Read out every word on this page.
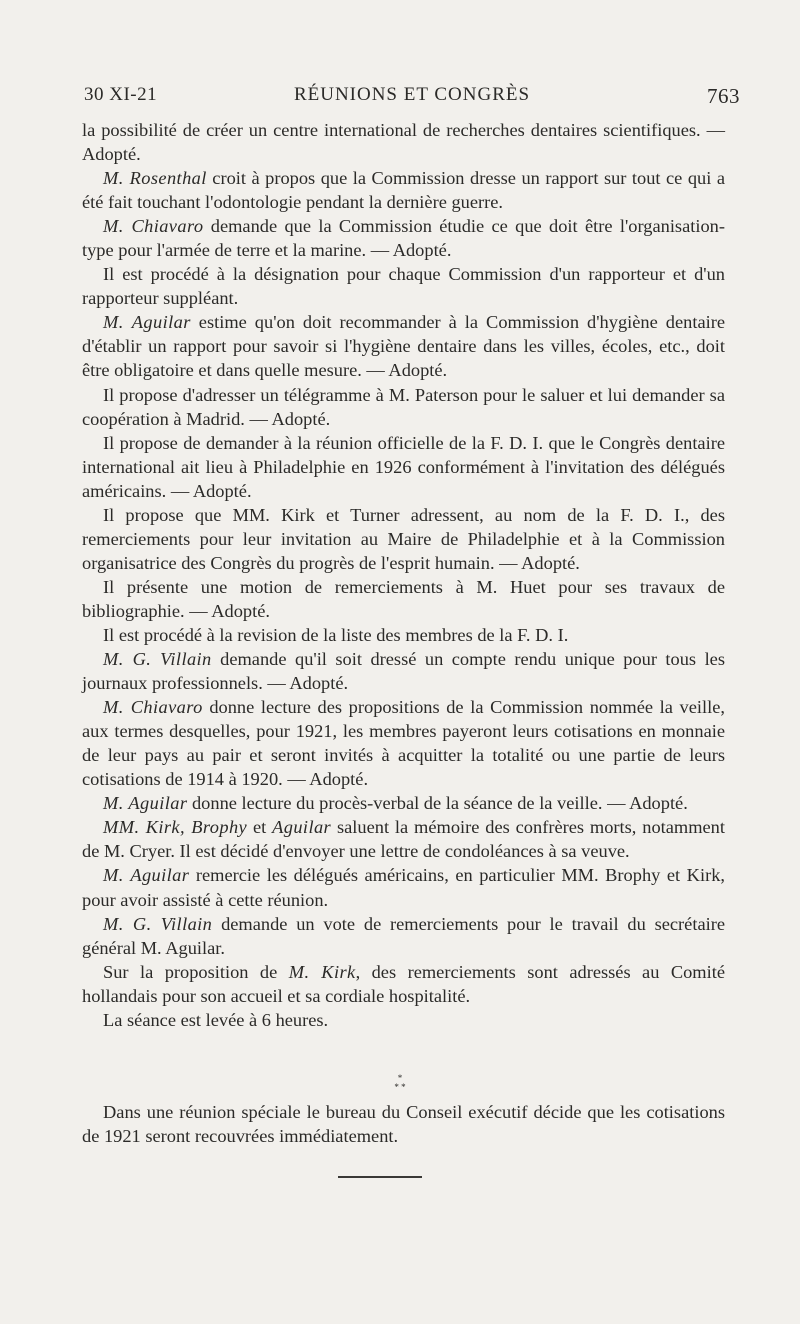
30 XI-21	RÉUNIONS ET CONGRÈS	763

la possibilité de créer un centre international de recherches dentaires scientifiques. — Adopté.

M. Rosenthal croit à propos que la Commission dresse un rapport sur tout ce qui a été fait touchant l'odontologie pendant la dernière guerre.

M. Chiavaro demande que la Commission étudie ce que doit être l'organisation-type pour l'armée de terre et la marine. — Adopté.

Il est procédé à la désignation pour chaque Commission d'un rapporteur et d'un rapporteur suppléant.

M. Aguilar estime qu'on doit recommander à la Commission d'hygiène dentaire d'établir un rapport pour savoir si l'hygiène dentaire dans les villes, écoles, etc., doit être obligatoire et dans quelle mesure. — Adopté.

Il propose d'adresser un télégramme à M. Paterson pour le saluer et lui demander sa coopération à Madrid. — Adopté.

Il propose de demander à la réunion officielle de la F. D. I. que le Congrès dentaire international ait lieu à Philadelphie en 1926 conformément à l'invitation des délégués américains. — Adopté.

Il propose que MM. Kirk et Turner adressent, au nom de la F. D. I., des remerciements pour leur invitation au Maire de Philadelphie et à la Commission organisatrice des Congrès du progrès de l'esprit humain. — Adopté.

Il présente une motion de remerciements à M. Huet pour ses travaux de bibliographie. — Adopté.

Il est procédé à la revision de la liste des membres de la F. D. I.

M. G. Villain demande qu'il soit dressé un compte rendu unique pour tous les journaux professionnels. — Adopté.

M. Chiavaro donne lecture des propositions de la Commission nommée la veille, aux termes desquelles, pour 1921, les membres payeront leurs cotisations en monnaie de leur pays au pair et seront invités à acquitter la totalité ou une partie de leurs cotisations de 1914 à 1920. — Adopté.

M. Aguilar donne lecture du procès-verbal de la séance de la veille. — Adopté.

MM. Kirk, Brophy et Aguilar saluent la mémoire des confrères morts, notamment de M. Cryer. Il est décidé d'envoyer une lettre de condoléances à sa veuve.

M. Aguilar remercie les délégués américains, en particulier MM. Brophy et Kirk, pour avoir assisté à cette réunion.

M. G. Villain demande un vote de remerciements pour le travail du secrétaire général M. Aguilar.

Sur la proposition de M. Kirk, des remerciements sont adressés au Comité hollandais pour son accueil et sa cordiale hospitalité.

La séance est levée à 6 heures.

*
* *

Dans une réunion spéciale le bureau du Conseil exécutif décide que les cotisations de 1921 seront recouvrées immédiatement.
